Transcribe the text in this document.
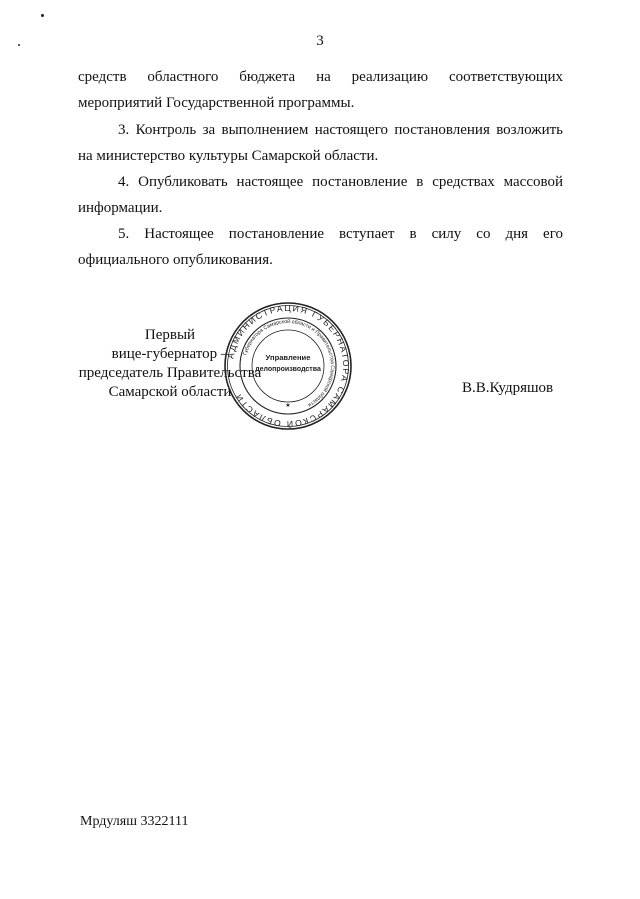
3

средств областного бюджета на реализацию соответствующих
мероприятий Государственной программы.

3. Контроль за выполнением настоящего постановления возложить
на министерство культуры Самарской области.

4. Опубликовать настоящее постановление в средствах массовой
информации.

5. Настоящее постановление вступает в силу со дня его
официального опубликования.

Первый
вице-губернатор –
председатель Правительства
Самарской области
АДМИНИСТРАЦИЯ ГУБЕРНАТОРА САМАРСКОЙ ОБЛАСТИ
Губернатора Самарской области и Правительства Самарской области
Управление
делопроизводства
★
В.В.Кудряшов
Мрдуляш 3322111
